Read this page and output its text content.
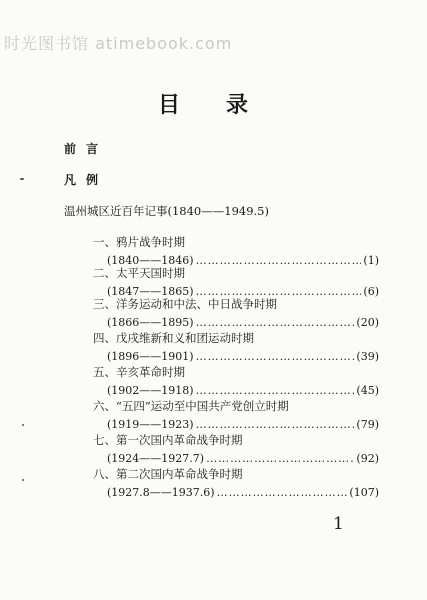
时光图书馆 atimebook.com
目录
前言
凡例
温州城区近百年记事(1840——1949.5)
一、鸦片战争时期
(1840——1846) ………………………………………………………………………………………………………………	(1)
二、太平天国时期
(1847——1865) ………………………………………………………………………………………………………………	(6)
三、洋务运动和中法、中日战争时期
(1866——1895) ………………………………………………………………………………………………………………	(20)
四、戊戌维新和义和团运动时期
(1896——1901) ………………………………………………………………………………………………………………	(39)
五、辛亥革命时期
(1902——1918) ………………………………………………………………………………………………………………	(45)
六、“五四”运动至中国共产党创立时期
(1919——1923) ………………………………………………………………………………………………………………	(79)
七、第一次国内革命战争时期
(1924——1927.7) ………………………………………………………………………………………………………………	(92)
八、第二次国内革命战争时期
(1927.8——1937.6) ………………………………………………………………………………………………………………	(107)
1
